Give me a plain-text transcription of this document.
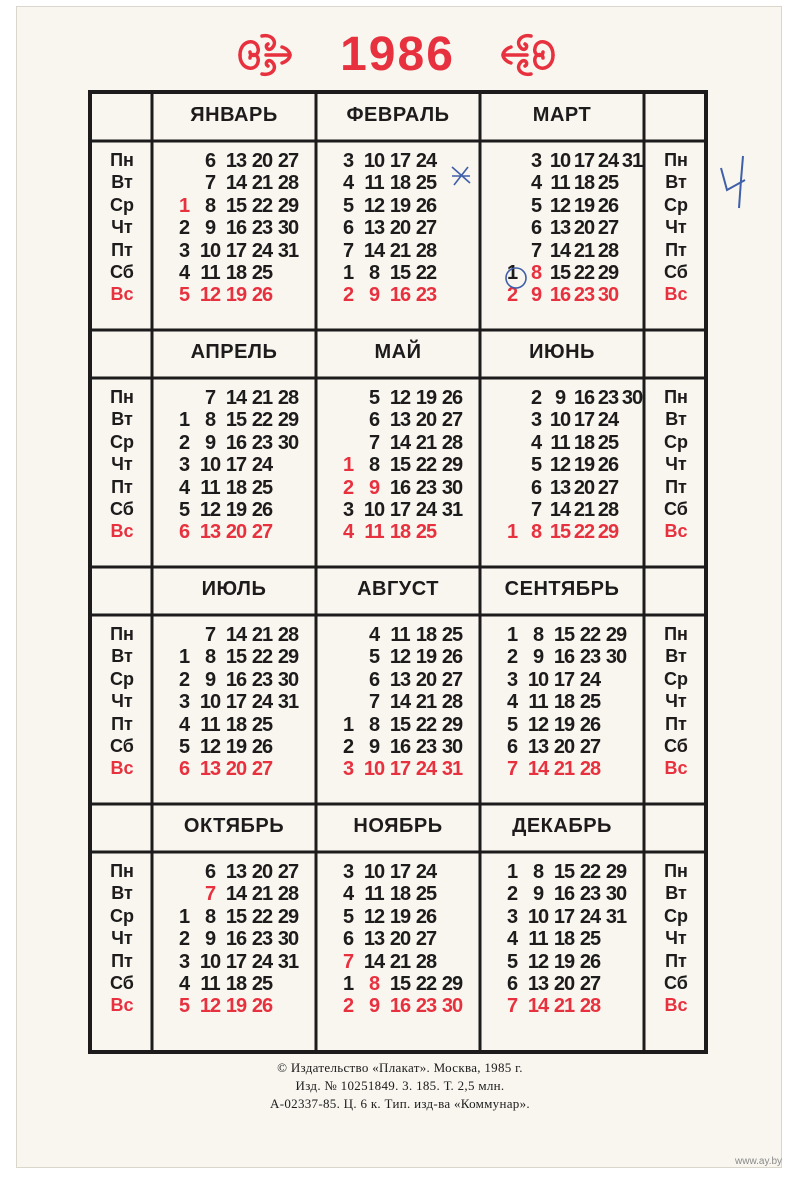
1986
Пн
Вт
Ср
Чт
Пт
Сб
Вс
Пн
Вт
Ср
Чт
Пт
Сб
Вс
Пн
Вт
Ср
Чт
Пт
Сб
Вс
Пн
Вт
Ср
Чт
Пт
Сб
Вс
Пн
Вт
Ср
Чт
Пт
Сб
Вс
Пн
Вт
Ср
Чт
Пт
Сб
Вс
Пн
Вт
Ср
Чт
Пт
Сб
Вс
Пн
Вт
Ср
Чт
Пт
Сб
Вс
ЯНВАРЬ
6 13 20 27
7 14 21 28
1 8 15 22 29
2 9 16 23 30
3 10 17 24 31
4 11 18 25
5 12 19 26
ФЕВРАЛЬ
3 10 17 24
4 11 18 25
5 12 19 26
6 13 20 27
7 14 21 28
1 8 15 22
2 9 16 23
МАРТ
3 10 17 24 31
4 11 18 25
5 12 19 26
6 13 20 27
7 14 21 28
1 8 15 22 29
2 9 16 23 30
АПРЕЛЬ
7 14 21 28
1 8 15 22 29
2 9 16 23 30
3 10 17 24
4 11 18 25
5 12 19 26
6 13 20 27
МАЙ
5 12 19 26
6 13 20 27
7 14 21 28
1 8 15 22 29
2 9 16 23 30
3 10 17 24 31
4 11 18 25
ИЮНЬ
2 9 16 23 30
3 10 17 24
4 11 18 25
5 12 19 26
6 13 20 27
7 14 21 28
1 8 15 22 29
ИЮЛЬ
7 14 21 28
1 8 15 22 29
2 9 16 23 30
3 10 17 24 31
4 11 18 25
5 12 19 26
6 13 20 27
АВГУСТ
4 11 18 25
5 12 19 26
6 13 20 27
7 14 21 28
1 8 15 22 29
2 9 16 23 30
3 10 17 24 31
СЕНТЯБРЬ
1 8 15 22 29
2 9 16 23 30
3 10 17 24
4 11 18 25
5 12 19 26
6 13 20 27
7 14 21 28
ОКТЯБРЬ
6 13 20 27
7 14 21 28
1 8 15 22 29
2 9 16 23 30
3 10 17 24 31
4 11 18 25
5 12 19 26
НОЯБРЬ
3 10 17 24
4 11 18 25
5 12 19 26
6 13 20 27
7 14 21 28
1 8 15 22 29
2 9 16 23 30
ДЕКАБРЬ
1 8 15 22 29
2 9 16 23 30
3 10 17 24 31
4 11 18 25
5 12 19 26
6 13 20 27
7 14 21 28
© Издательство «Плакат». Москва, 1985 г.
Изд. № 10251849. 3. 185. Т. 2,5 млн.
А-02337-85. Ц. 6 к. Тип. изд-ва «Коммунар».
www.ay.by
